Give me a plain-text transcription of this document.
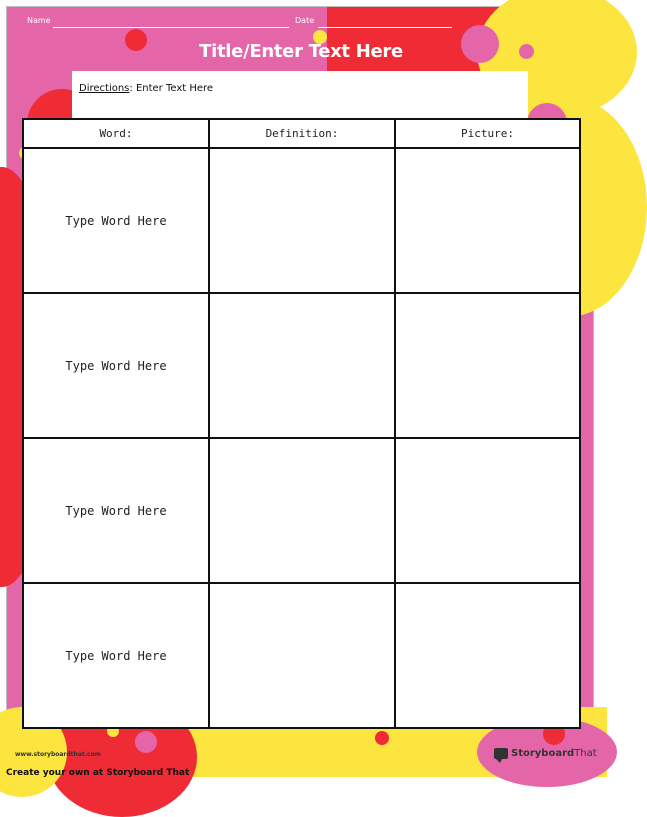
Name	Date
Title/Enter Text Here
Directions: Enter Text Here
Word:	Definition:	Picture:
Type Word Here		
Type Word Here		
Type Word Here		
Type Word Here		
www.storyboardthat.com	StoryboardThat
Create your own at Storyboard That
